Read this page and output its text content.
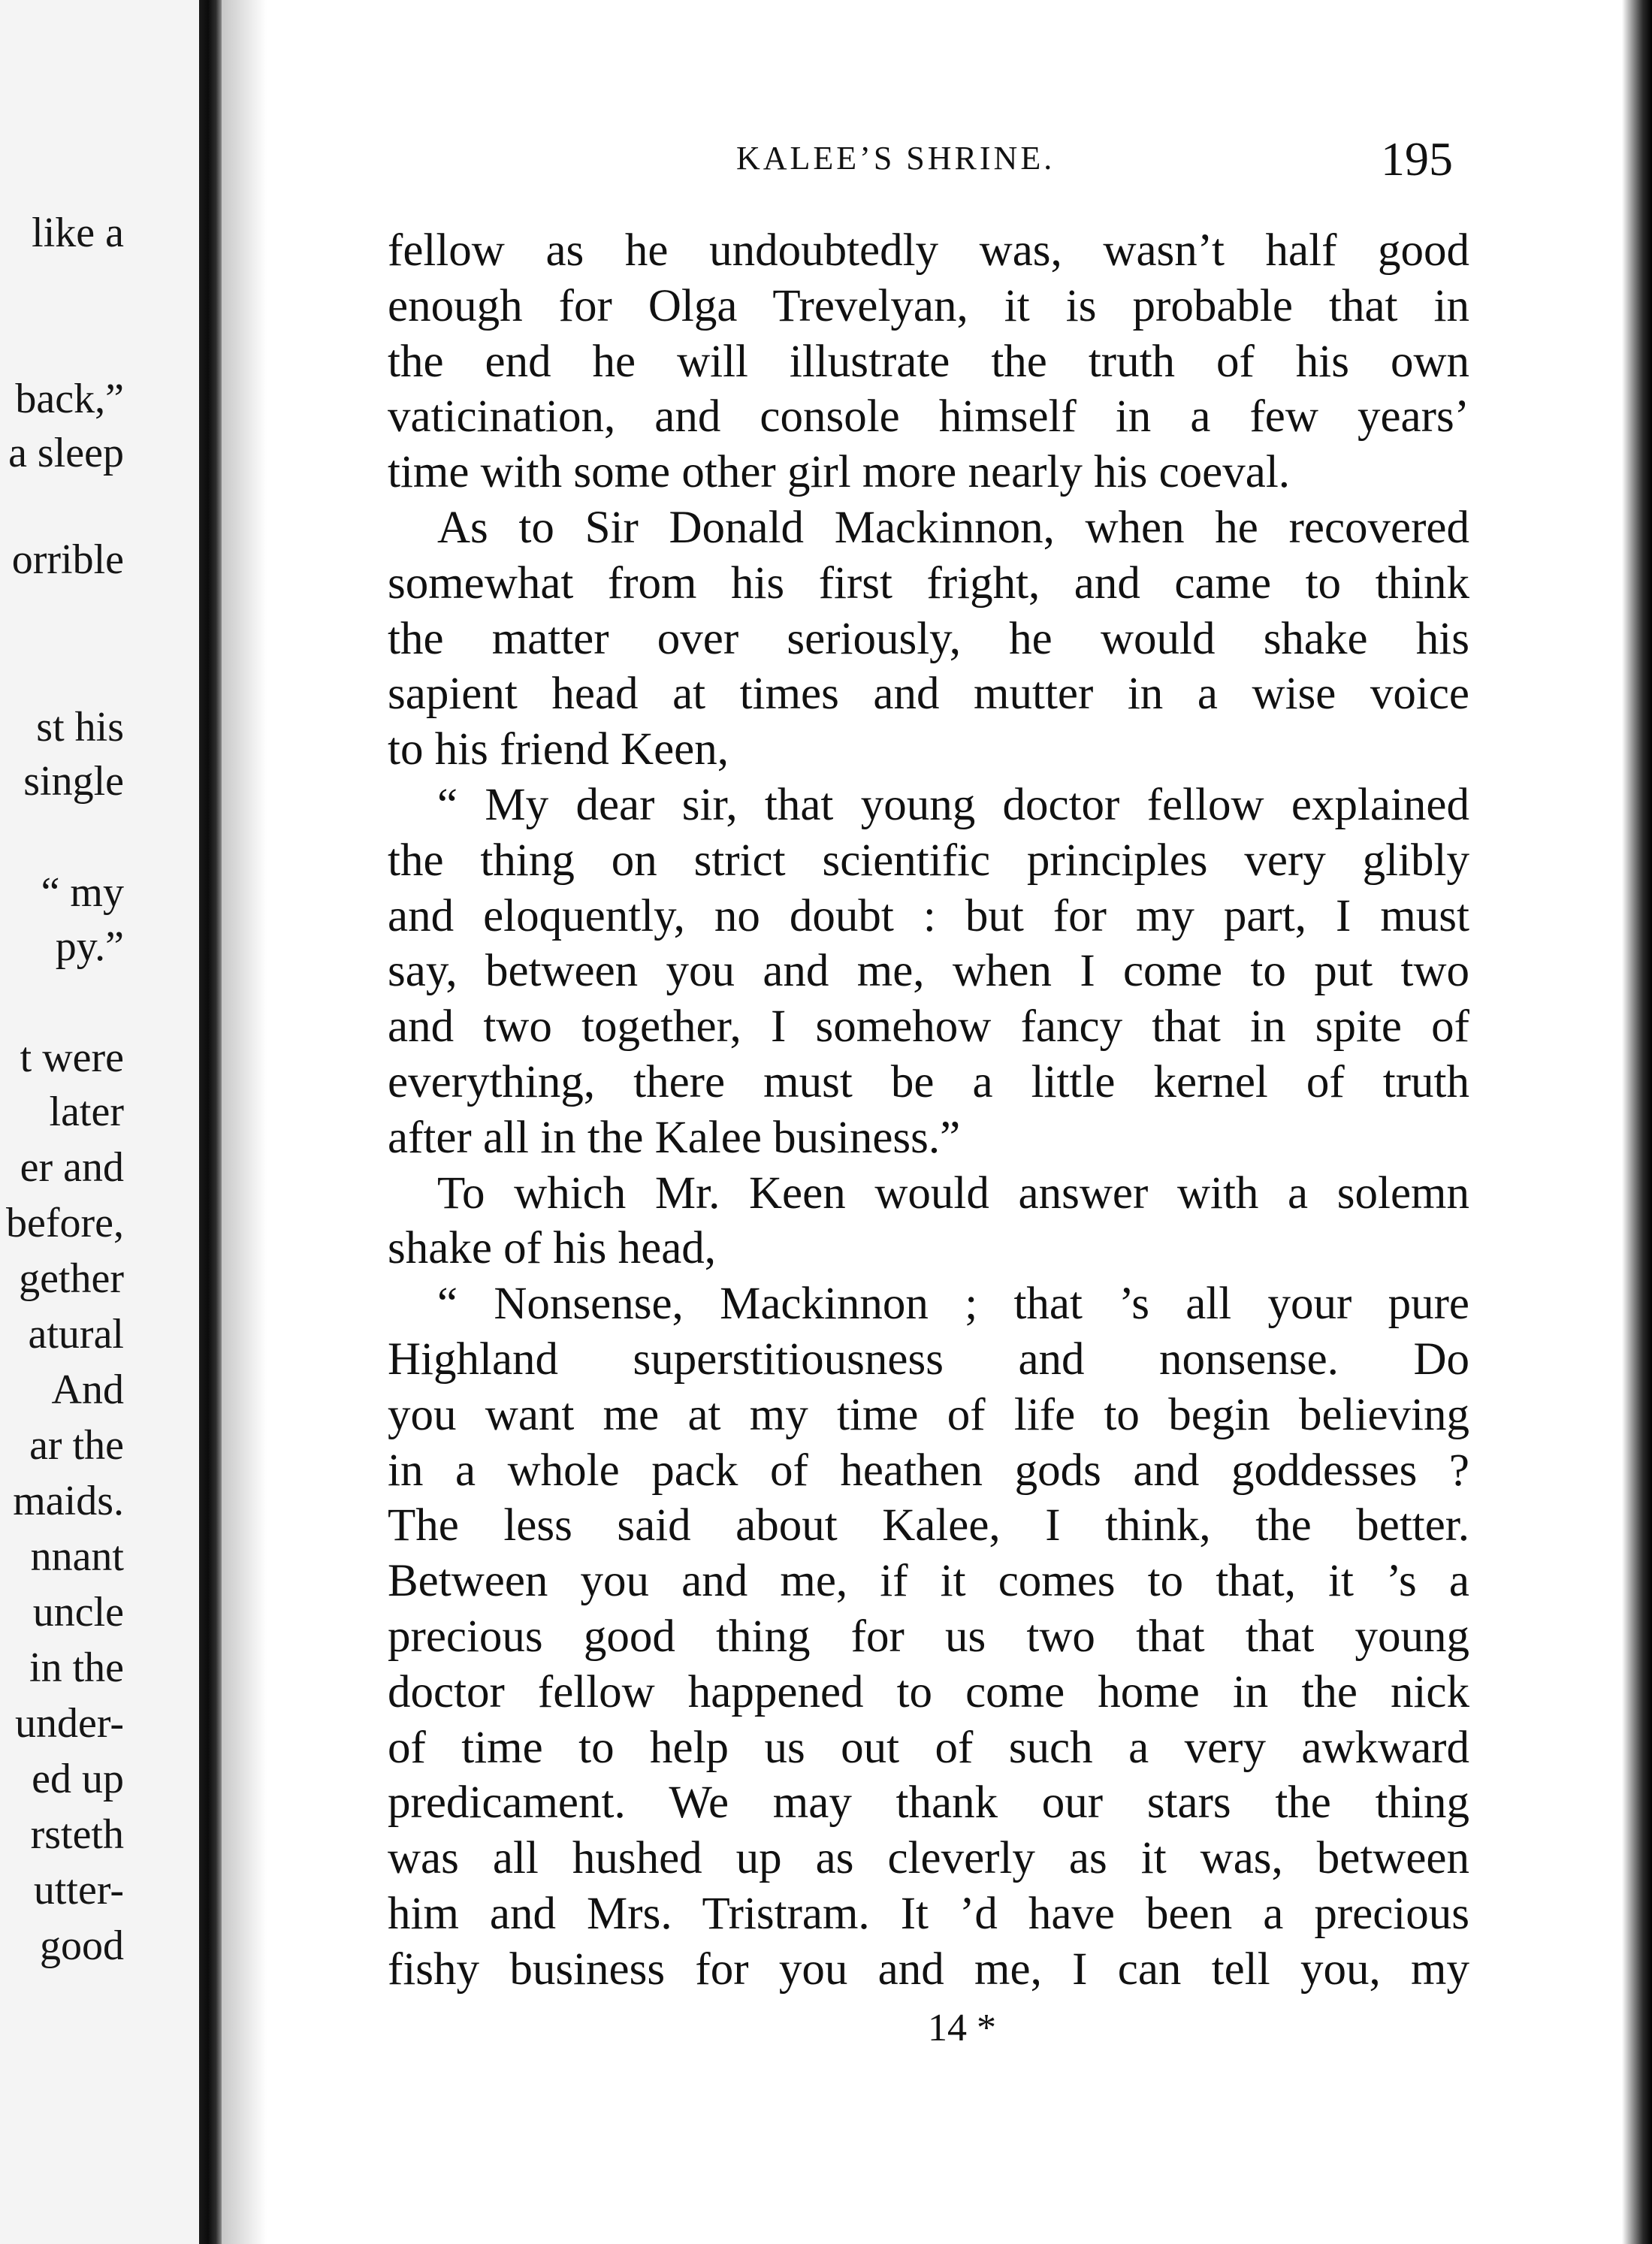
like a
back,”
a sleep
orrible
st his
single
“ my
py.”
t were
later
er and
before,
gether
atural
And
ar the
maids.
nnant
uncle
in the
under-
ed up
rsteth
utter-
good
KALEE’S SHRINE.	195
fellow as he undoubtedly was, wasn’t half good
enough for Olga Trevelyan, it is probable that in
the end he will illustrate the truth of his own
vaticination, and console himself in a few years’
time with some other girl more nearly his coeval.
As to Sir Donald Mackinnon, when he recovered
somewhat from his first fright, and came to think
the matter over seriously, he would shake his
sapient head at times and mutter in a wise voice
to his friend Keen,
“ My dear sir, that young doctor fellow explained
the thing on strict scientific principles very glibly
and eloquently, no doubt : but for my part, I must
say, between you and me, when I come to put two
and two together, I somehow fancy that in spite of
everything, there must be a little kernel of truth
after all in the Kalee business.”
To which Mr. Keen would answer with a solemn
shake of his head,
“ Nonsense, Mackinnon ; that ’s all your pure
Highland superstitiousness and nonsense. Do
you want me at my time of life to begin believing
in a whole pack of heathen gods and goddesses ?
The less said about Kalee, I think, the better.
Between you and me, if it comes to that, it ’s a
precious good thing for us two that that young
doctor fellow happened to come home in the nick
of time to help us out of such a very awkward
predicament. We may thank our stars the thing
was all hushed up as cleverly as it was, between
him and Mrs. Tristram. It ’d have been a precious
fishy business for you and me, I can tell you, my
14 *
